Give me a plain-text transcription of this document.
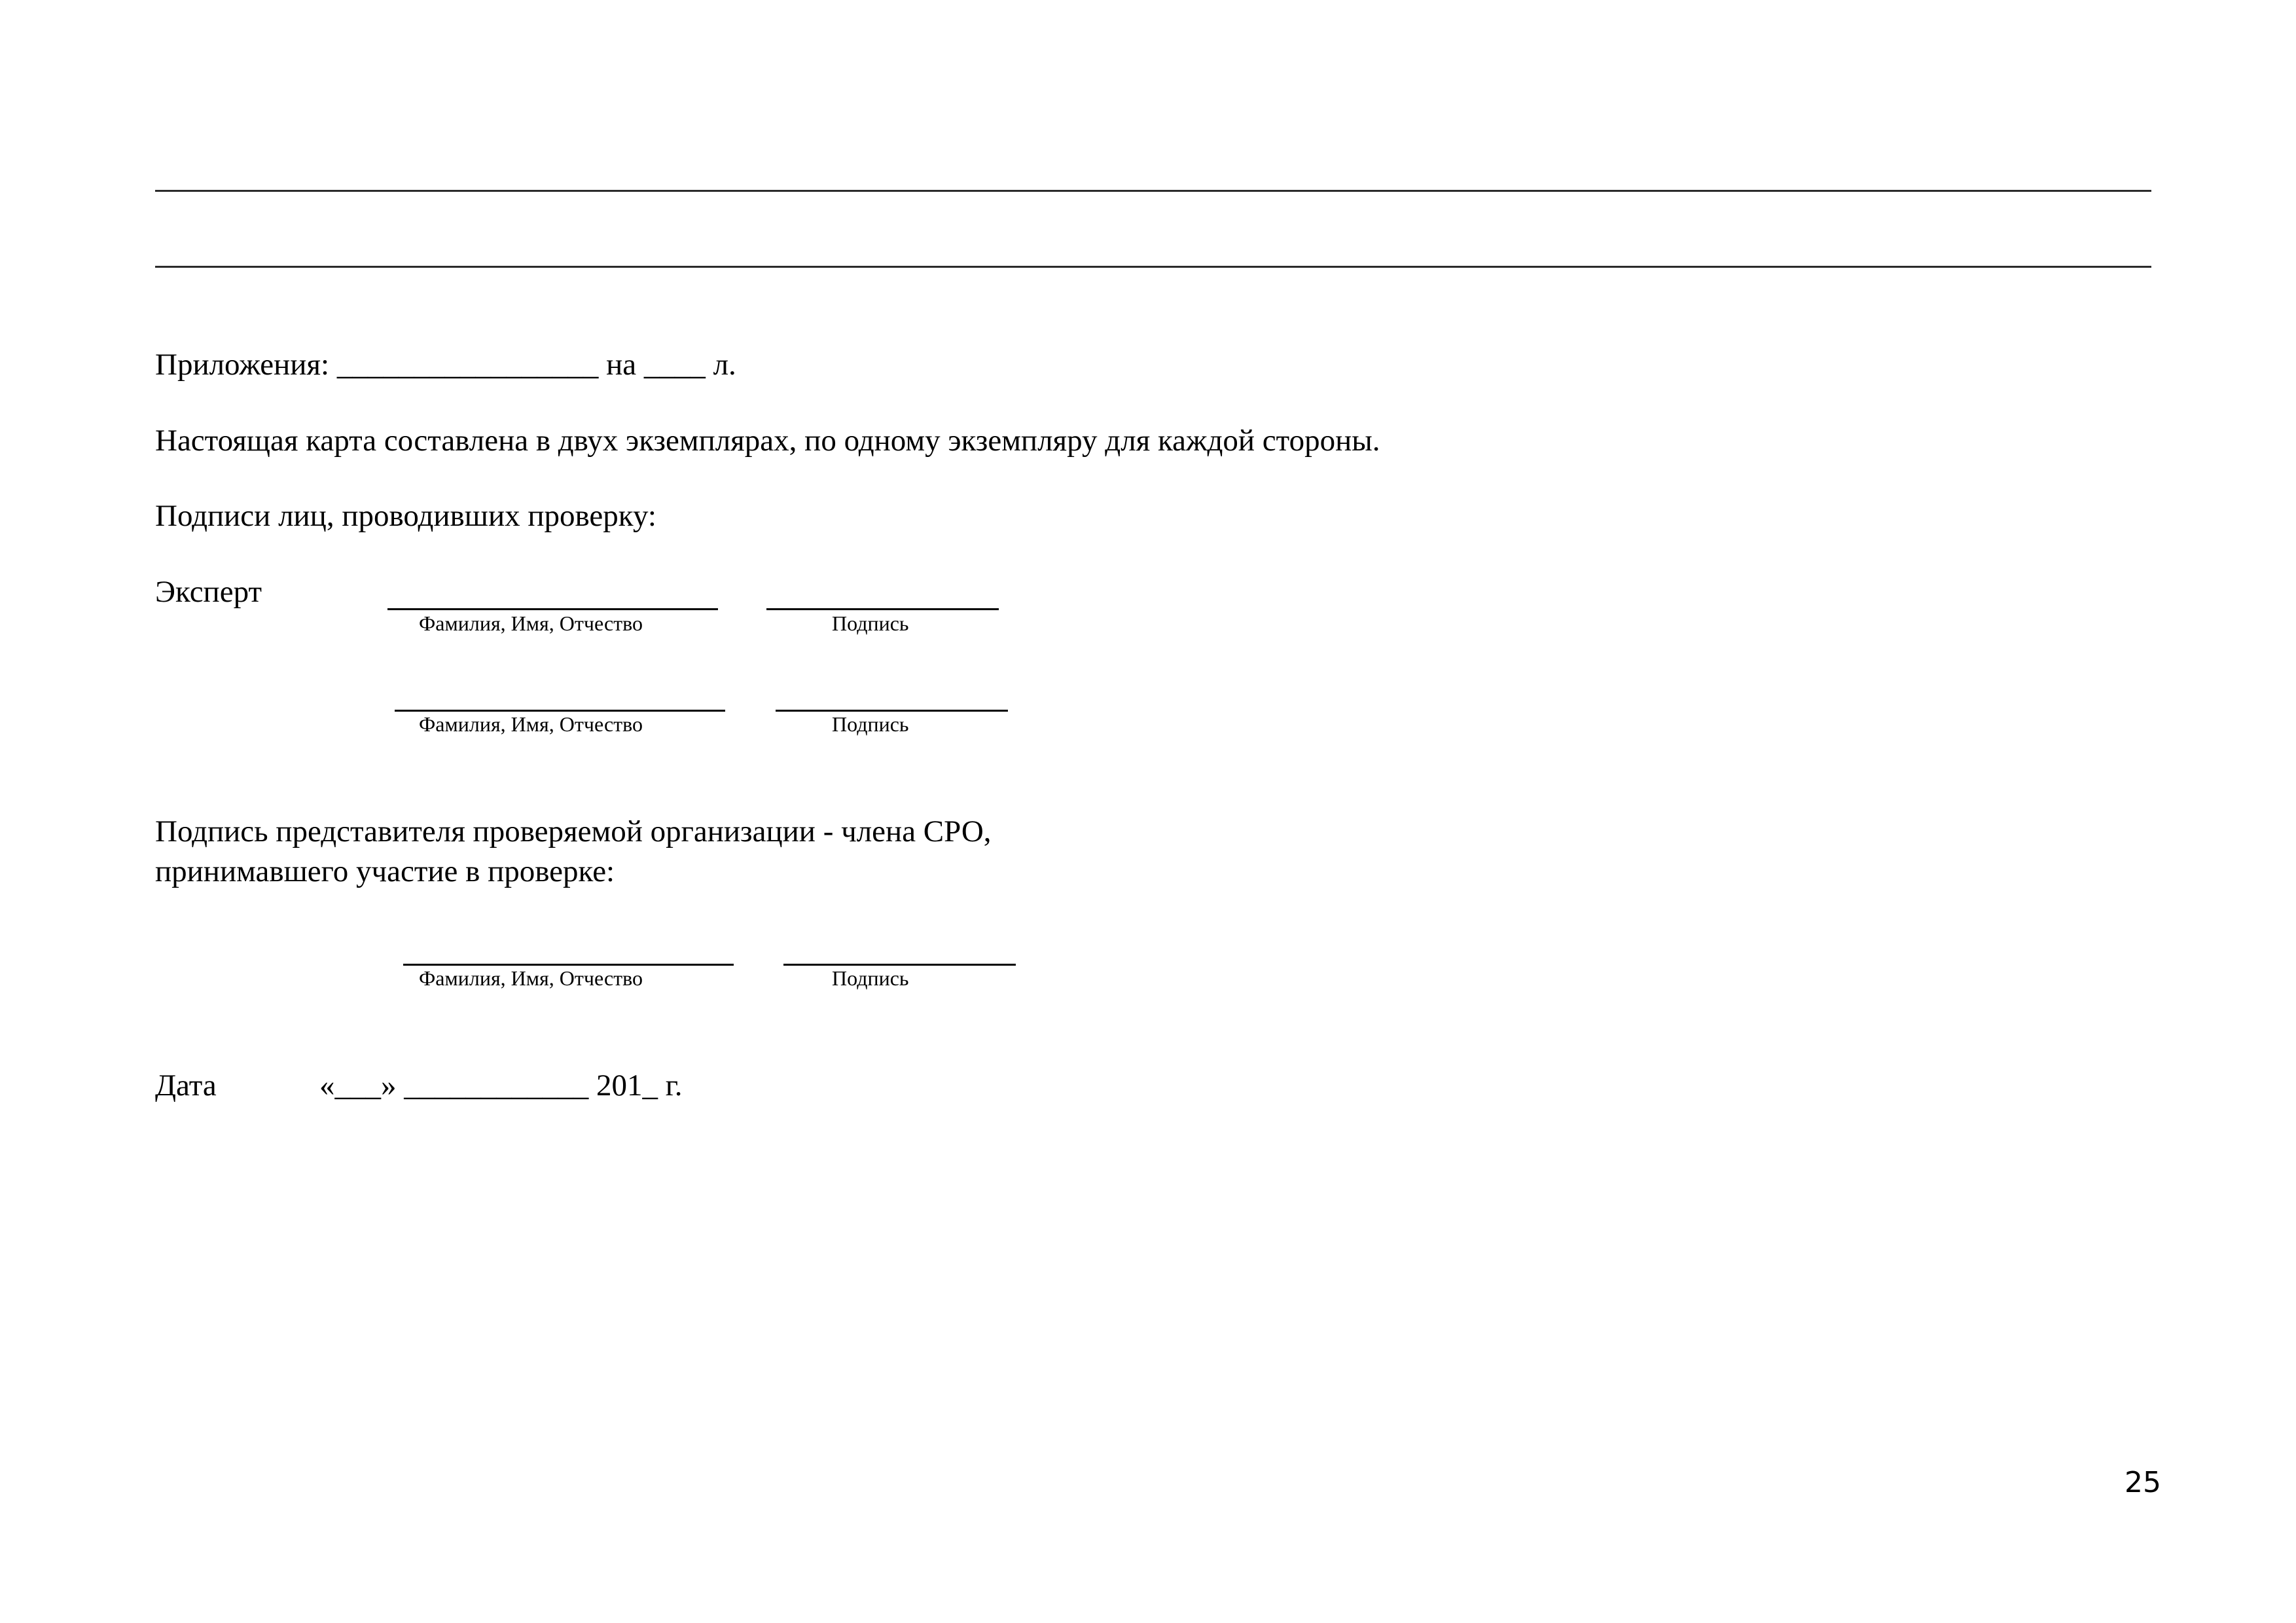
Приложения: _________________ на ____ л.
Настоящая карта составлена в двух экземплярах, по одному экземпляру для каждой стороны.
Подписи лиц, проводивших проверку:
Эксперт
Фамилия, Имя, Отчество	Подпись
Фамилия, Имя, Отчество	Подпись
Подпись представителя проверяемой организации - члена СРО,
принимавшего участие в проверке:
Фамилия, Имя, Отчество	Подпись
Дата	«___» ____________ 201_ г.
25
